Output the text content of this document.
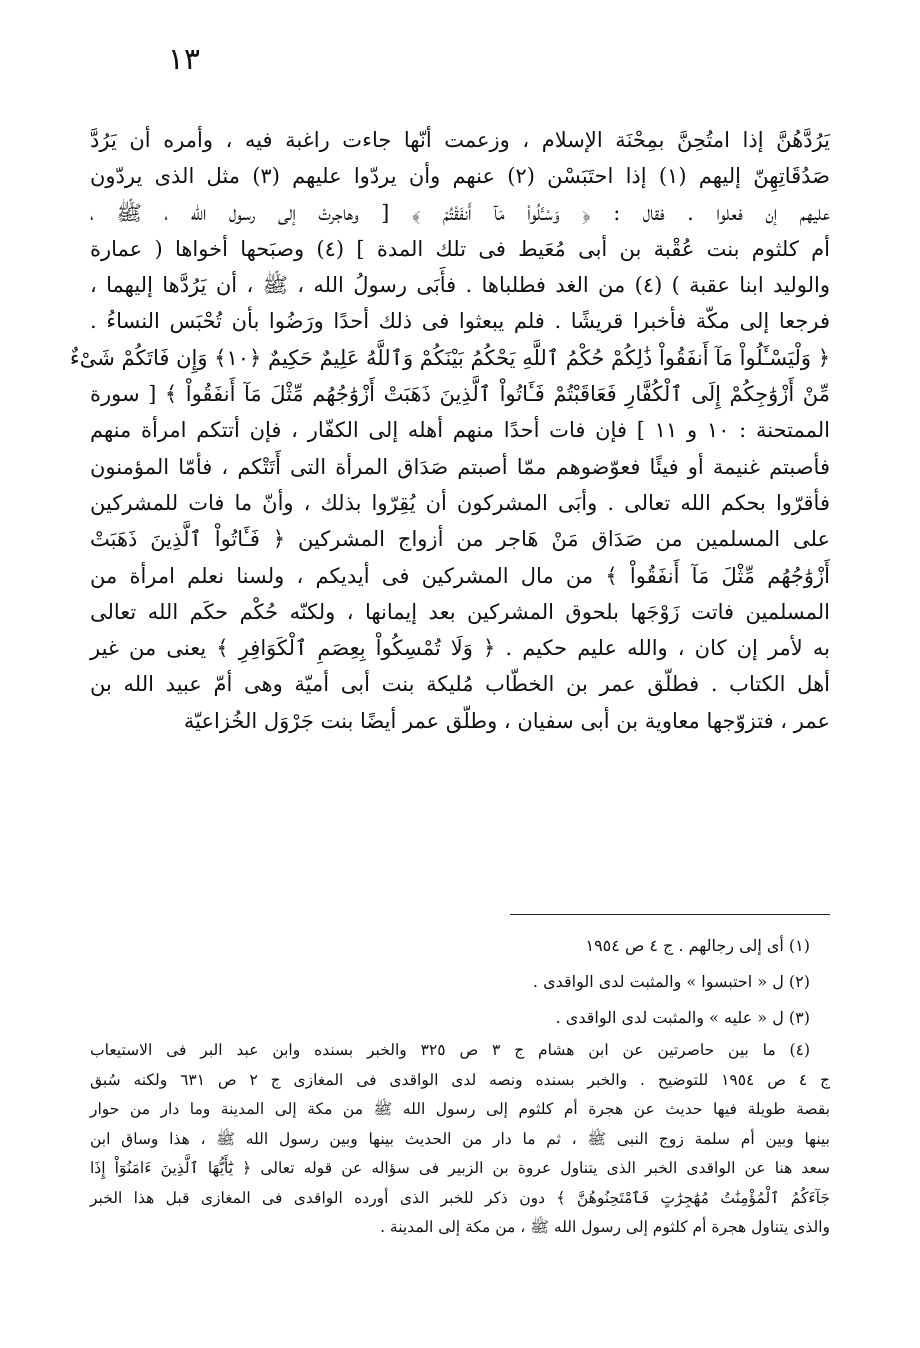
١٣
يَرُدَّهُنَّ إذا امتُحِنَّ بمِحْنَة الإسلام ، وزعمت أنّها جاءت راغبة فيه ، وأمره أن يَرُدَّ
صَدُقَاتِهِنّ إليهم (١) إذا احتَبَسْن (٢) عنهم وأن يردّوا عليهم (٣) مثل الذى يردّون
عليهم إن فعلوا . فقال : ﴿ وَسْـَٔلُواْ مَآ أَنفَقْتُمْ ﴾ [ وهاجرتْ إلى رسول الله ، ﷺ ،
أم كلثوم بنت عُقْبة بن أبى مُعَيط فى تلك المدة ] (٤) وصبَحها أخواها ( عمارة
والوليد ابنا عقبة ) (٤) من الغد فطلباها . فأَبَى رسولُ الله ، ﷺ ، أن يَرُدَّها إليهما ،
فرجعا إلى مكّة فأخبرا قريشًا . فلم يبعثوا فى ذلك أحدًا ورَضُوا بأن تُحْبَس النساءُ .
﴿ وَلْيَسْـَٔلُواْ مَآ أَنفَقُواْ ذَٰلِكُمْ حُكْمُ ٱللَّهِ يَحْكُمُ بَيْنَكُمْ وَٱللَّهُ عَلِيمٌ حَكِيمٌ ﴿١٠﴾ وَإِن فَاتَكُمْ شَىْءٌ
مِّنْ أَزْوَٰجِكُمْ إِلَى ٱلْكُفَّارِ فَعَاقَبْتُمْ فَـَٔاتُواْ ٱلَّذِينَ ذَهَبَتْ أَزْوَٰجُهُم مِّثْلَ مَآ أَنفَقُواْ ﴾ [ سورة
الممتحنة : ١٠ و ١١ ] فإن فات أحدًا منهم أهله إلى الكفّار ، فإن أتتكم امرأة منهم
فأصبتم غنيمة أو فيئًا فعوّضوهم ممّا أصبتم صَدَاق المرأة التى أَتَتْكم ، فأمّا المؤمنون
فأقرّوا بحكم الله تعالى . وأبَى المشركون أن يُقِرّوا بذلك ، وأنّ ما فات للمشركين
على المسلمين من صَدَاق مَنْ هَاجر من أزواج المشركين ﴿ فَـَٔاتُواْ ٱلَّذِينَ ذَهَبَتْ
أَزْوَٰجُهُم مِّثْلَ مَآ أَنفَقُواْ ﴾ من مال المشركين فى أيديكم ، ولسنا نعلم امرأة من
المسلمين فاتت زَوْجَها بلحوق المشركين بعد إيمانها ، ولكنّه حُكْم حكَم الله تعالى
به لأمر إن كان ، والله عليم حكيم . ﴿ وَلَا تُمْسِكُواْ بِعِصَمِ ٱلْكَوَافِرِ ﴾ يعنى من غير
أهل الكتاب . فطلّق عمر بن الخطّاب مُليكة بنت أبى أميّة وهى أمّ عبيد الله بن
عمر ، فتزوّجها معاوية بن أبى سفيان ، وطلّق عمر أيضًا بنت جَرْوَل الخُزاعيّة
(١) أى إلى رجالهم . ج ٤ ص ١٩٥٤
(٢) ل « احتبسوا » والمثبت لدى الواقدى .
(٣) ل « عليه » والمثبت لدى الواقدى .
(٤) ما بين حاصرتين عن ابن هشام ج ٣ ص ٣٢٥ والخبر بسنده وابن عبد البر فى الاستيعاب
ج ٤ ص ١٩٥٤ للتوضيح . والخبر بسنده ونصه لدى الواقدى فى المغازى ج ٢ ص ٦٣١ ولكنه سُبق
بقصة طويلة فيها حديث عن هجرة أم كلثوم إلى رسول الله ﷺ من مكة إلى المدينة وما دار من حوار
بينها وبين أم سلمة زوج النبى ﷺ ، ثم ما دار من الحديث بينها وبين رسول الله ﷺ ، هذا وساق ابن
سعد هنا عن الواقدى الخبر الذى يتناول عروة بن الزبير فى سؤاله عن قوله تعالى ﴿ يَٰٓأَيُّهَا ٱلَّذِينَ ءَامَنُوٓاْ إِذَا
جَآءَكُمُ ٱلْمُؤْمِنَٰتُ مُهَٰجِرَٰتٍ فَٱمْتَحِنُوهُنَّ ﴾ دون ذكر للخبر الذى أورده الواقدى فى المغازى قبل هذا الخبر
والذى يتناول هجرة أم كلثوم إلى رسول الله ﷺ ، من مكة إلى المدينة .
